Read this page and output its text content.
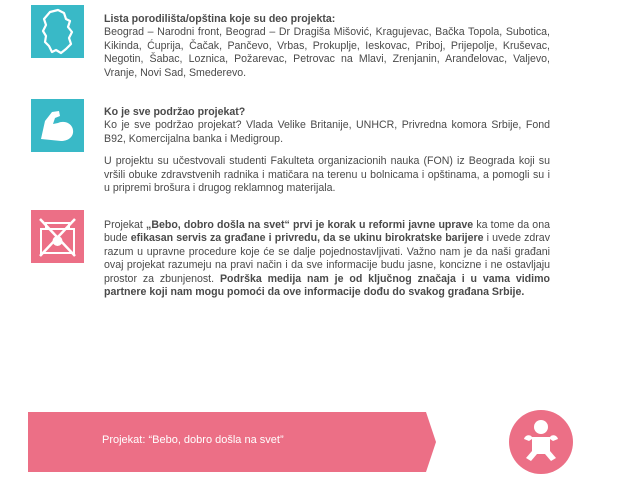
Lista porodilišta/opština koje su deo projekta:

Beograd – Narodni front, Beograd – Dr Dragiša Mišović, Kragujevac, Bačka Topola, Subotica, Kikinda, Ćuprija, Čačak, Pančevo, Vrbas, Prokuplje, Ieskovac, Priboj, Prijepolje, Kruševac, Negotin, Šabac, Loznica, Požarevac, Petrovac na Mlavi, Zrenjanin, Aranđelovac, Valjevo, Vranje, Novi Sad, Smederevo.

Ko je sve podržao projekat?

Ko je sve podržao projekat? Vlada Velike Britanije, UNHCR, Privredna komora Srbije, Fond B92, Komercijalna banka i Medigroup.

U projektu su učestvovali studenti Fakulteta organizacionih nauka (FON) iz Beograda koji su vršili obuke zdravstvenih radnika i matičara na terenu u bolnicama i opštinama, a pomogli su i u pripremi brošura i drugog reklamnog materijala.

Projekat „Bebo, dobro došla na svet“ prvi je korak u reformi javne uprave ka tome da ona bude efikasan servis za građane i privredu, da se ukinu birokratske barijere i uvede zdrav razum u upravne procedure koje će se dalje pojednostavljivati. Važno nam je da naši građani ovaj projekat razumeju na pravi način i da sve informacije budu jasne, koncizne i ne ostavljaju prostor za zbunjenost. Podrška medija nam je od ključnog značaja i u vama vidimo partnere koji nam mogu pomoći da ove informacije dođu do svakog građana Srbije.

Projekat: “Bebo, dobro došla na svet”
